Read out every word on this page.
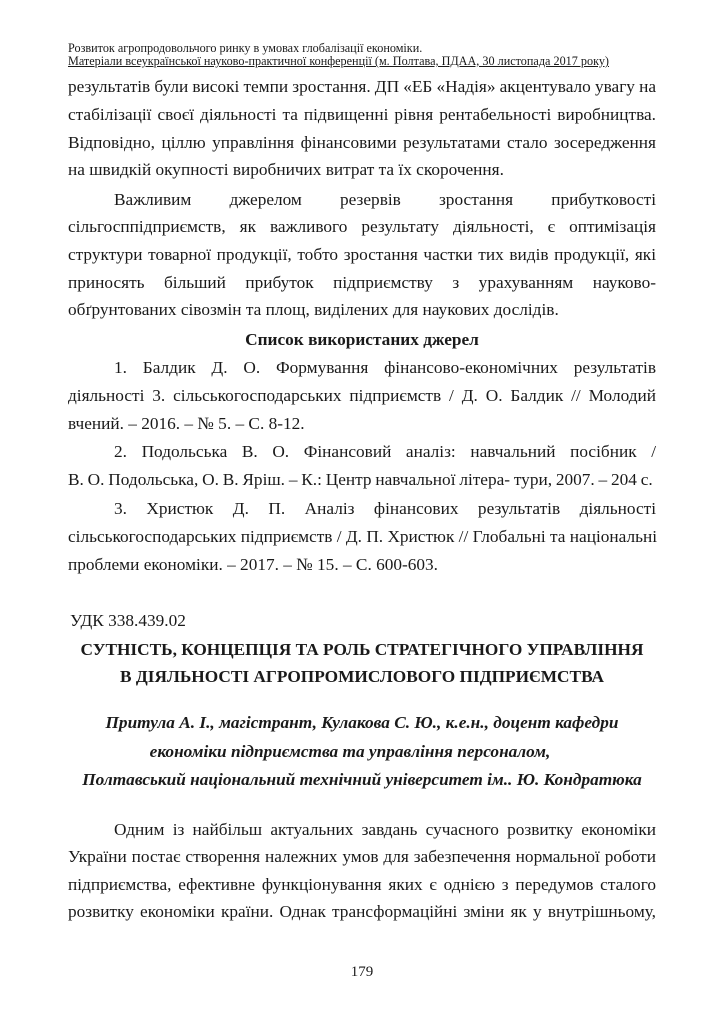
Розвиток агропродовольчого ринку в умовах глобалізації економіки.
Матеріали всеукраїнської науково-практичної конференції (м. Полтава, ПДАА, 30 листопада 2017 року)
результатів були високі темпи зростання. ДП «ЕБ «Надія» акцентувало увагу на
стабілізації своєї діяльності та підвищенні рівня рентабельності виробництва.
Відповідно, ціллю управління фінансовими результатами стало зосередження
на швидкій окупності виробничих витрат та їх скорочення.
Важливим джерелом резервів зростання прибутковості
сільгосппідприємств, як важливого результату діяльності, є оптимізація
структури товарної продукції, тобто зростання частки тих видів продукції, які
приносять більший прибуток підприємству з урахуванням науково-
обґрунтованих сівозмін та площ, виділених для наукових дослідів.
Список використаних джерел
1. Балдик Д. О. Формування фінансово-економічних результатів
діяльності 3. сільськогосподарських підприємств / Д. О. Балдик // Молодий
вчений. – 2016. – № 5. – С. 8-12.
2. Подольська В. О. Фінансовий аналіз: навчальний посібник /
В. О. Подольська, О. В. Яріш. – К.: Центр навчальної літера- тури, 2007. – 204 с.
3. Христюк Д. П. Аналіз фінансових результатів діяльності
сільськогосподарських підприємств / Д. П. Христюк // Глобальні та національні
проблеми економіки. – 2017. – № 15. – С. 600-603.
УДК 338.439.02
СУТНІСТЬ, КОНЦЕПЦІЯ ТА РОЛЬ СТРАТЕГІЧНОГО УПРАВЛІННЯ
В ДІЯЛЬНОСТІ АГРОПРОМИСЛОВОГО ПІДПРИЄМСТВА
Притула А. І., магістрант, Кулакова С. Ю., к.е.н., доцент кафедри
економіки підприємства та управління персоналом,
Полтавський національний технічний університет ім.. Ю. Кондратюка
Одним із найбільш актуальних завдань сучасного розвитку економіки
України постає створення належних умов для забезпечення нормальної роботи
підприємства, ефективне функціонування яких є однією з передумов сталого
розвитку економіки країни. Однак трансформаційні зміни як у внутрішньому,
179
